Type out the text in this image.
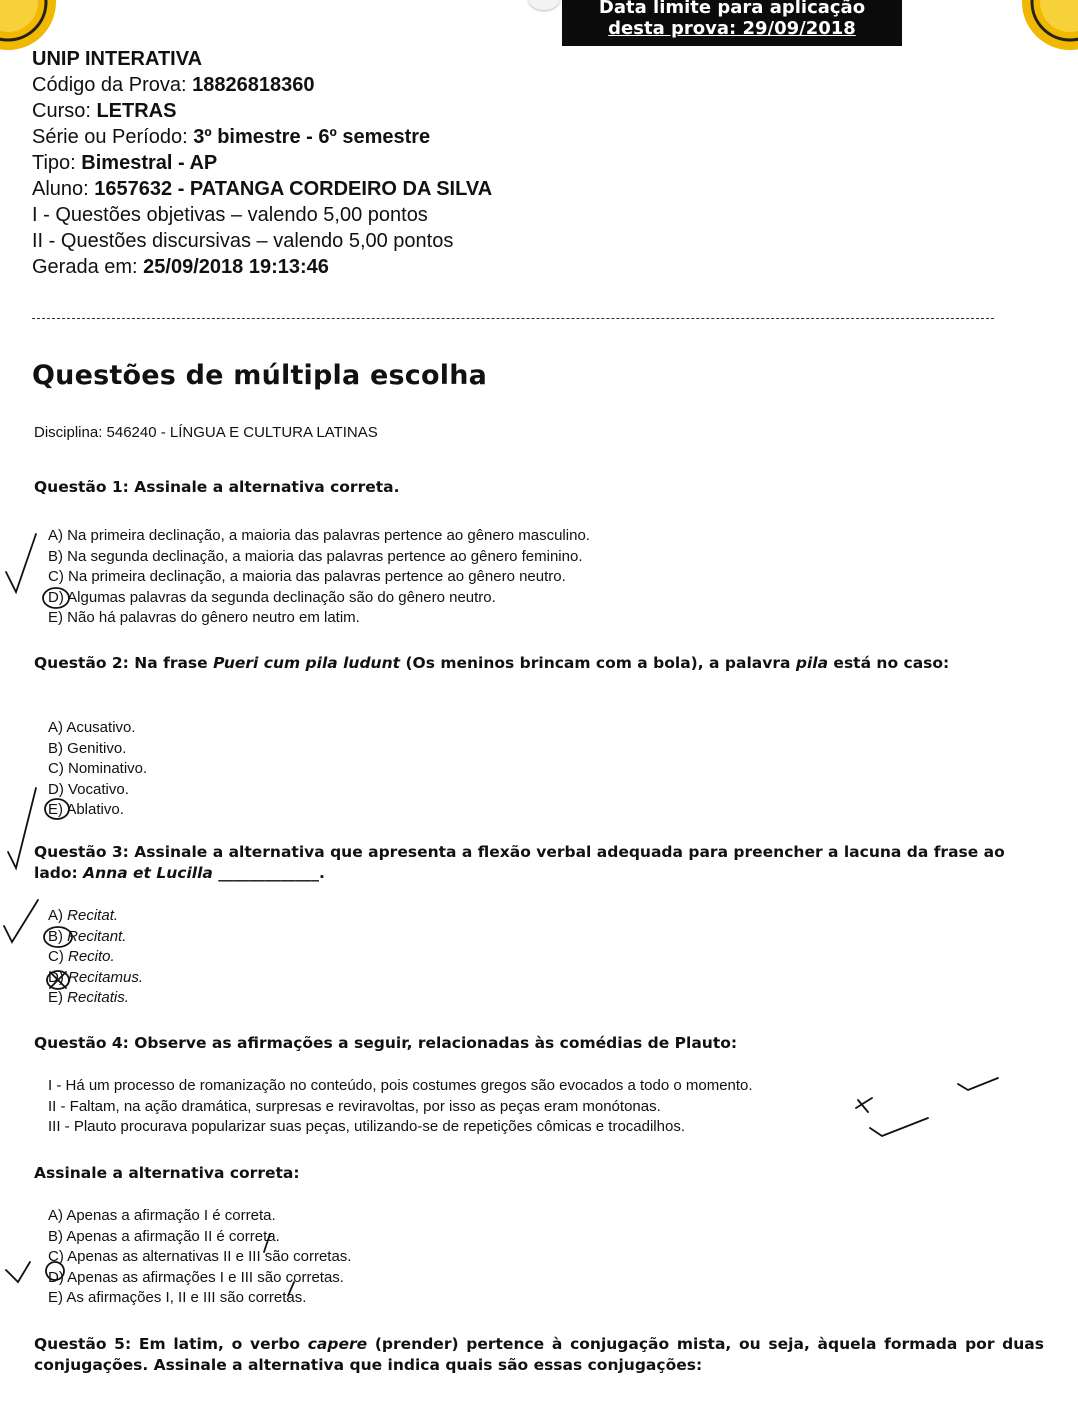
Data limite para aplicação
desta prova: 29/09/2018
UNIP INTERATIVA
Código da Prova: 18826818360
Curso: LETRAS
Série ou Período: 3º bimestre - 6º semestre
Tipo: Bimestral - AP
Aluno: 1657632 - PATANGA CORDEIRO DA SILVA
I - Questões objetivas – valendo 5,00 pontos
II - Questões discursivas – valendo 5,00 pontos
Gerada em: 25/09/2018 19:13:46
Questões de múltipla escolha
Disciplina: 546240 - LÍNGUA E CULTURA LATINAS
Questão 1: Assinale a alternativa correta.
A) Na primeira declinação, a maioria das palavras pertence ao gênero masculino.
B) Na segunda declinação, a maioria das palavras pertence ao gênero feminino.
C) Na primeira declinação, a maioria das palavras pertence ao gênero neutro.
D) Algumas palavras da segunda declinação são do gênero neutro.
E) Não há palavras do gênero neutro em latim.
Questão 2: Na frase Pueri cum pila ludunt (Os meninos brincam com a bola), a palavra pila está no caso:
A) Acusativo.
B) Genitivo.
C) Nominativo.
D) Vocativo.
E) Ablativo.
Questão 3: Assinale a alternativa que apresenta a flexão verbal adequada para preencher a lacuna da frase ao lado: Anna et Lucilla _____________.
A) Recitat.
B) Recitant.
C) Recito.
D) Recitamus.
E) Recitatis.
Questão 4: Observe as afirmações a seguir, relacionadas às comédias de Plauto:
I - Há um processo de romanização no conteúdo, pois costumes gregos são evocados a todo o momento.
II - Faltam, na ação dramática, surpresas e reviravoltas, por isso as peças eram monótonas.
III - Plauto procurava popularizar suas peças, utilizando-se de repetições cômicas e trocadilhos.
Assinale a alternativa correta:
A) Apenas a afirmação I é correta.
B) Apenas a afirmação II é correta.
C) Apenas as alternativas II e III são corretas.
D) Apenas as afirmações I e III são corretas.
E) As afirmações I, II e III são corretas.
Questão 5: Em latim, o verbo capere (prender) pertence à conjugação mista, ou seja, àquela formada por duas conjugações. Assinale a alternativa que indica quais são essas conjugações:
